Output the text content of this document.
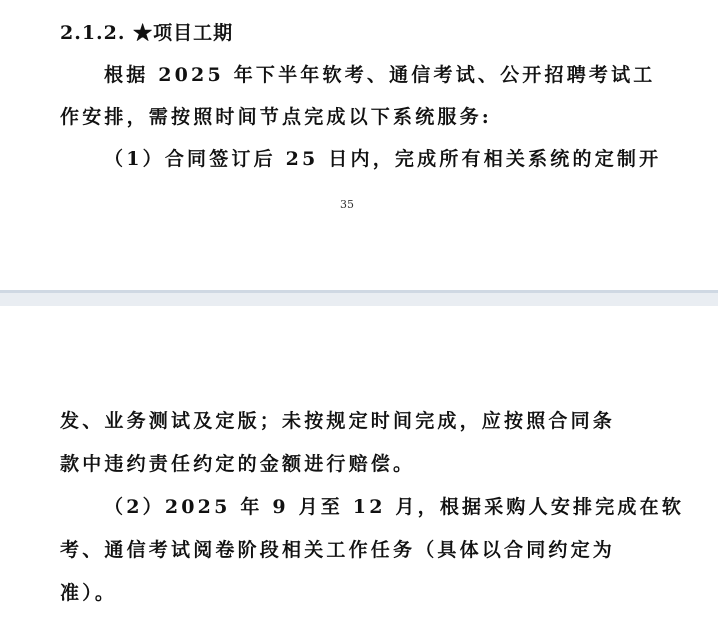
2.1.2. ★项目工期
根据 2025 年下半年软考、通信考试、公开招聘考试工
作安排，需按照时间节点完成以下系统服务:
（1）合同签订后 25 日内，完成所有相关系统的定制开
35
发、业务测试及定版；未按规定时间完成，应按照合同条
款中违约责任约定的金额进行赔偿。
（2）2025 年 9 月至 12 月，根据采购人安排完成在软
考、通信考试阅卷阶段相关工作任务（具体以合同约定为
准）。
